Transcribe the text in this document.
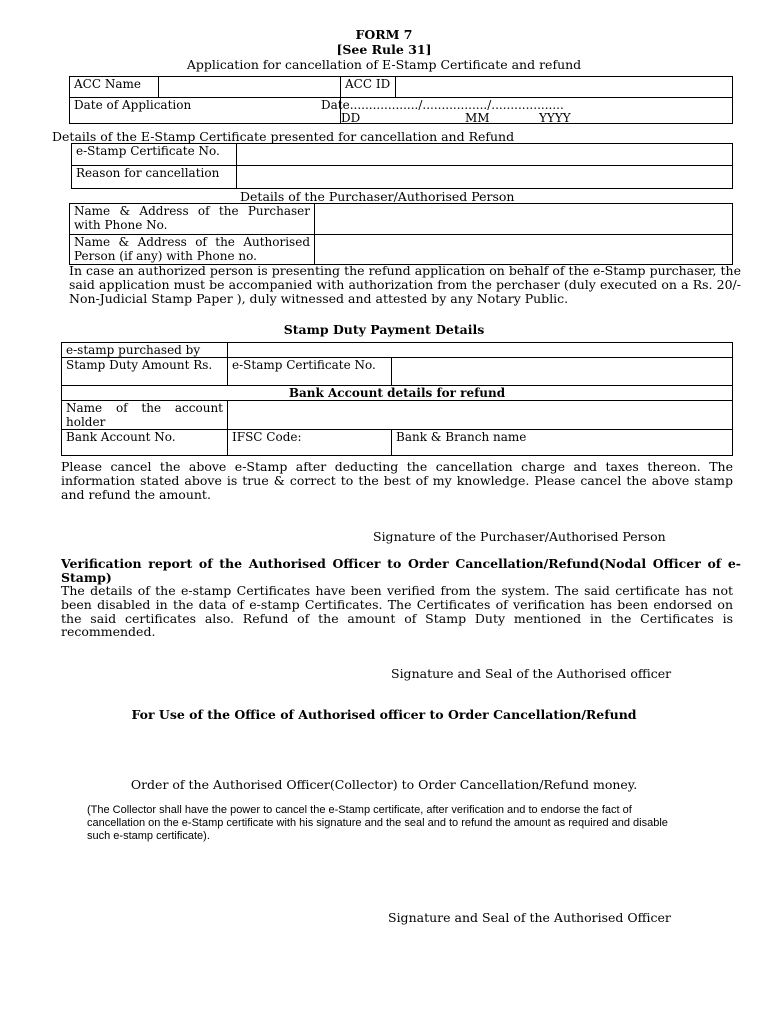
FORM 7
[See Rule 31]
Application for cancellation of E-Stamp Certificate and refund
ACC Name		ACC ID	
Date of Application		Date................../................./...................
DD MM YYYY	
Details of the E-Stamp Certificate presented for cancellation and Refund
e-Stamp Certificate No.	
Reason for cancellation	
Details of the Purchaser/Authorised Person
Name & Address of the Purchaser with Phone No.	
Name & Address of the Authorised Person (if any) with Phone no.	
In case an authorized person is presenting the refund application on behalf of the e-Stamp purchaser, the said application must be accompanied with authorization from the perchaser (duly executed on a Rs. 20/- Non-Judicial Stamp Paper ), duly witnessed and attested by any Notary Public.
Stamp Duty Payment Details
e-stamp purchased by		
Stamp Duty Amount Rs.	e-Stamp Certificate No.	
Bank Account details for refund		
Name of the account holder		
Bank Account No.	IFSC Code:	Bank & Branch name
Please cancel the above e-Stamp after deducting the cancellation charge and taxes thereon. The information stated above is true & correct to the best of my knowledge. Please cancel the above stamp and refund the amount.
Signature of the Purchaser/Authorised Person
Verification report of the Authorised Officer to Order Cancellation/Refund(Nodal Officer of e-Stamp)
The details of the e-stamp Certificates have been verified from the system. The said certificate has not been disabled in the data of e-stamp Certificates. The Certificates of verification has been endorsed on the said certificates also. Refund of the amount of Stamp Duty mentioned in the Certificates is recommended.
Signature and Seal of the Authorised officer
For Use of the Office of Authorised officer to Order Cancellation/Refund
Order of the Authorised Officer(Collector) to Order Cancellation/Refund money.
(The Collector shall have the power to cancel the e-Stamp certificate, after verification and to endorse the fact of cancellation on the e-Stamp certificate with his signature and the seal and to refund the amount as required and disable such e-stamp certificate).
Signature and Seal of the Authorised Officer
